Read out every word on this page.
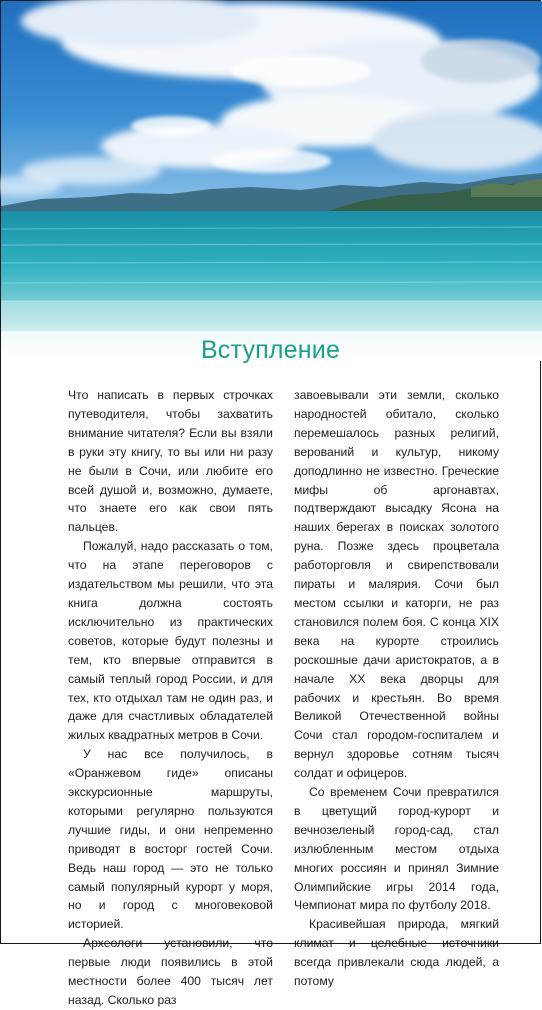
Вступление

Что написать в первых строчках путеводителя, чтобы захватить внимание читателя? Если вы взяли в руки эту книгу, то вы или ни разу не были в Сочи, или любите его всей душой и, возможно, думаете, что знаете его как свои пять пальцев.

Пожалуй, надо рассказать о том, что на этапе переговоров с издательством мы решили, что эта книга должна состоять исключительно из практических советов, которые будут полезны и тем, кто впервые отправится в самый теплый город России, и для тех, кто отдыхал там не один раз, и даже для счастливых обладателей жилых квадратных метров в Сочи.

У нас все получилось, в «Оранжевом гиде» описаны экскурсионные маршруты, которыми регулярно пользуются лучшие гиды, и они непременно приводят в восторг гостей Сочи. Ведь наш город — это не только самый популярный курорт у моря, но и город с многовековой историей.

Археологи установили, что первые люди появились в этой местности более 400 тысяч лет назад. Сколько раз

завоевывали эти земли, сколько народностей обитало, сколько перемешалось разных религий, верований и культур, никому доподлинно не известно. Греческие мифы об аргонавтах, подтверждают высадку Ясона на наших берегах в поисках золотого руна. Позже здесь процветала работорговля и свирепствовали пираты и малярия. Сочи был местом ссылки и каторги, не раз становился полем боя. С конца XIX века на курорте строились роскошные дачи аристократов, а в начале XX века дворцы для рабочих и крестьян. Во время Великой Отечественной войны Сочи стал городом-госпиталем и вернул здоровье сотням тысяч солдат и офицеров.

Со временем Сочи превратился в цветущий город-курорт и вечнозеленый город-сад, стал излюбленным местом отдыха многих россиян и принял Зимние Олимпийские игры 2014 года, Чемпионат мира по футболу 2018.

Красивейшая природа, мягкий климат и целебные источники всегда привлекали сюда людей, а потому
